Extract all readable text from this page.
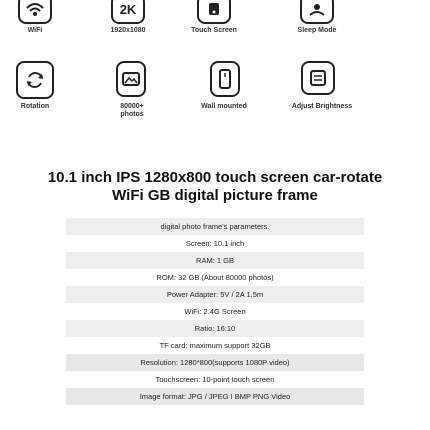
WiFi
2K
1920x1080	Touch Screen	Sleep Mode
Rotation	80000+ photos
Wall mounted	Adjust Brightness
10.1 inch IPS 1280x800 touch screen car-rotate
WiFi GB digital picture frame
digital photo frame's parameters.
Screen: 10.1 inch
RAM: 1 GB
ROM: 32 GB (About 80000 photos)
Power Adapter: 5V / 2A 1.5m
WiFi: 2.4G Screen
Ratio: 16:10
TF card: maximum support 32GB
Resolution: 1280*800(supports 1080P video)
Touchscreen: 10-point touch screen
Image format: JPG / JPEG I BMP PNG Video
